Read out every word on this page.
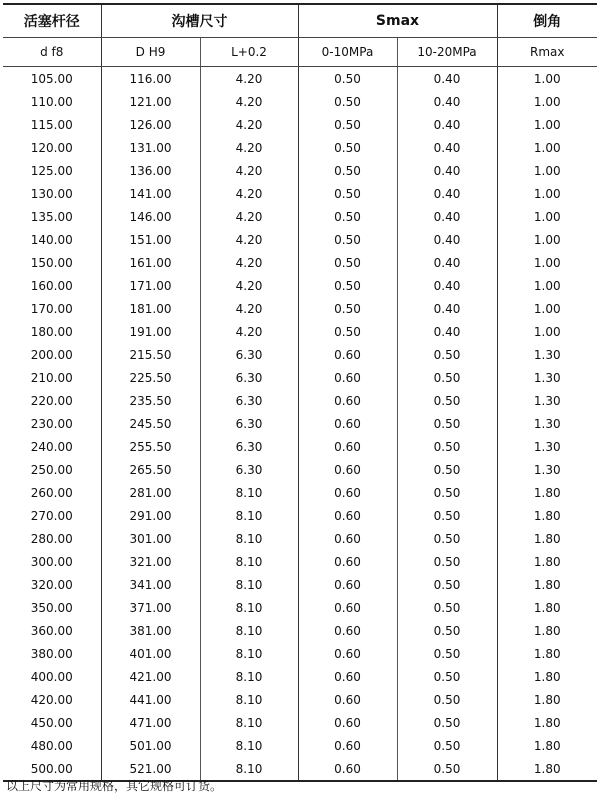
活塞杆径	沟槽尺寸		Smax		倒角
d f8	D H9	L+0.2	0-10MPa	10-20MPa	Rmax
105.00	116.00	4.20	0.50	0.40	1.00
110.00	121.00	4.20	0.50	0.40	1.00
115.00	126.00	4.20	0.50	0.40	1.00
120.00	131.00	4.20	0.50	0.40	1.00
125.00	136.00	4.20	0.50	0.40	1.00
130.00	141.00	4.20	0.50	0.40	1.00
135.00	146.00	4.20	0.50	0.40	1.00
140.00	151.00	4.20	0.50	0.40	1.00
150.00	161.00	4.20	0.50	0.40	1.00
160.00	171.00	4.20	0.50	0.40	1.00
170.00	181.00	4.20	0.50	0.40	1.00
180.00	191.00	4.20	0.50	0.40	1.00
200.00	215.50	6.30	0.60	0.50	1.30
210.00	225.50	6.30	0.60	0.50	1.30
220.00	235.50	6.30	0.60	0.50	1.30
230.00	245.50	6.30	0.60	0.50	1.30
240.00	255.50	6.30	0.60	0.50	1.30
250.00	265.50	6.30	0.60	0.50	1.30
260.00	281.00	8.10	0.60	0.50	1.80
270.00	291.00	8.10	0.60	0.50	1.80
280.00	301.00	8.10	0.60	0.50	1.80
300.00	321.00	8.10	0.60	0.50	1.80
320.00	341.00	8.10	0.60	0.50	1.80
350.00	371.00	8.10	0.60	0.50	1.80
360.00	381.00	8.10	0.60	0.50	1.80
380.00	401.00	8.10	0.60	0.50	1.80
400.00	421.00	8.10	0.60	0.50	1.80
420.00	441.00	8.10	0.60	0.50	1.80
450.00	471.00	8.10	0.60	0.50	1.80
480.00	501.00	8.10	0.60	0.50	1.80
500.00	521.00	8.10	0.60	0.50	1.80
以上尺寸为常用规格，其它规格可订货。
